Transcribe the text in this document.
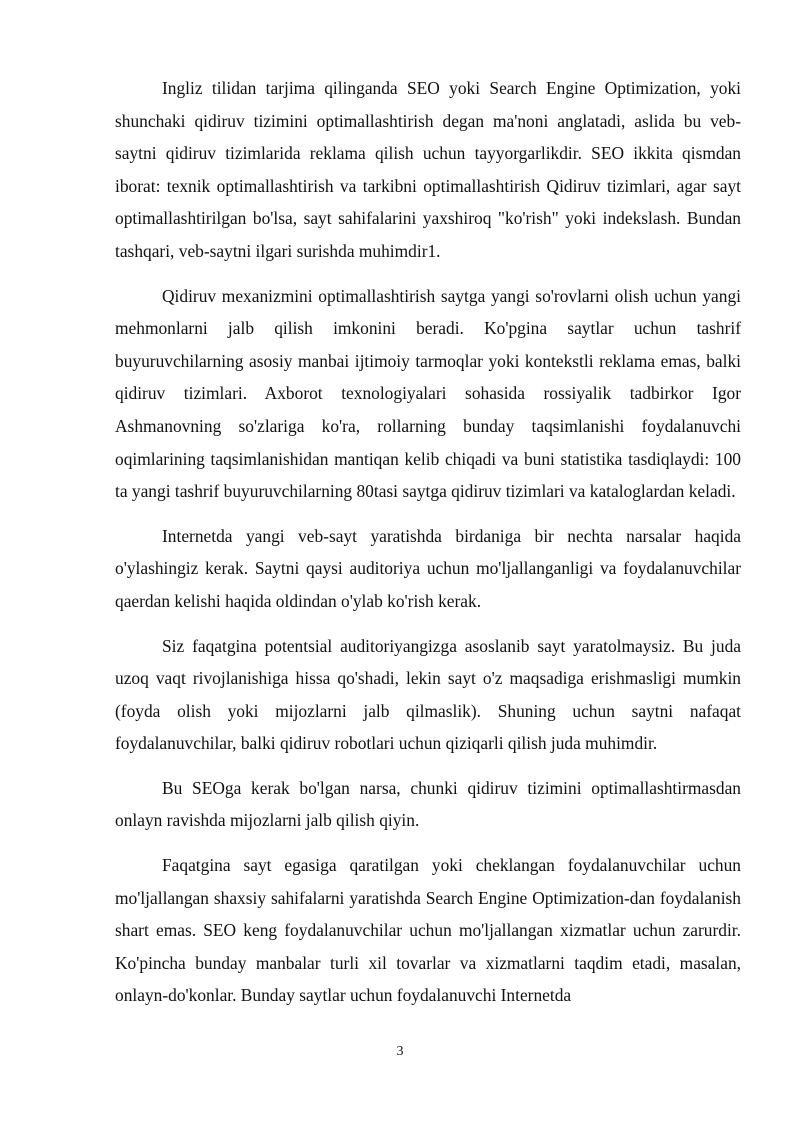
Ingliz tilidan tarjima qilinganda SEO yoki Search Engine Optimization, yoki shunchaki qidiruv tizimini optimallashtirish degan ma'noni anglatadi, aslida bu veb-saytni qidiruv tizimlarida reklama qilish uchun tayyorgarlikdir. SEO ikkita qismdan iborat: texnik optimallashtirish va tarkibni optimallashtirish Qidiruv tizimlari, agar sayt optimallashtirilgan bo'lsa, sayt sahifalarini yaxshiroq "ko'rish" yoki indekslash. Bundan tashqari, veb-saytni ilgari surishda muhimdir1.

Qidiruv mexanizmini optimallashtirish saytga yangi so'rovlarni olish uchun yangi mehmonlarni jalb qilish imkonini beradi. Ko'pgina saytlar uchun tashrif buyuruvchilarning asosiy manbai ijtimoiy tarmoqlar yoki kontekstli reklama emas, balki qidiruv tizimlari. Axborot texnologiyalari sohasida rossiyalik tadbirkor Igor Ashmanovning so'zlariga ko'ra, rollarning bunday taqsimlanishi foydalanuvchi oqimlarining taqsimlanishidan mantiqan kelib chiqadi va buni statistika tasdiqlaydi: 100 ta yangi tashrif buyuruvchilarning 80tasi saytga qidiruv tizimlari va kataloglardan keladi.

Internetda yangi veb-sayt yaratishda birdaniga bir nechta narsalar haqida o'ylashingiz kerak. Saytni qaysi auditoriya uchun mo'ljallanganligi va foydalanuvchilar qaerdan kelishi haqida oldindan o'ylab ko'rish kerak.

Siz faqatgina potentsial auditoriyangizga asoslanib sayt yaratolmaysiz. Bu juda uzoq vaqt rivojlanishiga hissa qo'shadi, lekin sayt o'z maqsadiga erishmasligi mumkin (foyda olish yoki mijozlarni jalb qilmaslik). Shuning uchun saytni nafaqat foydalanuvchilar, balki qidiruv robotlari uchun qiziqarli qilish juda muhimdir.

Bu SEOga kerak bo'lgan narsa, chunki qidiruv tizimini optimallashtirmasdan onlayn ravishda mijozlarni jalb qilish qiyin.

Faqatgina sayt egasiga qaratilgan yoki cheklangan foydalanuvchilar uchun mo'ljallangan shaxsiy sahifalarni yaratishda Search Engine Optimization-dan foydalanish shart emas. SEO keng foydalanuvchilar uchun mo'ljallangan xizmatlar uchun zarurdir. Ko'pincha bunday manbalar turli xil tovarlar va xizmatlarni taqdim etadi, masalan, onlayn-do'konlar. Bunday saytlar uchun foydalanuvchi Internetda

3
